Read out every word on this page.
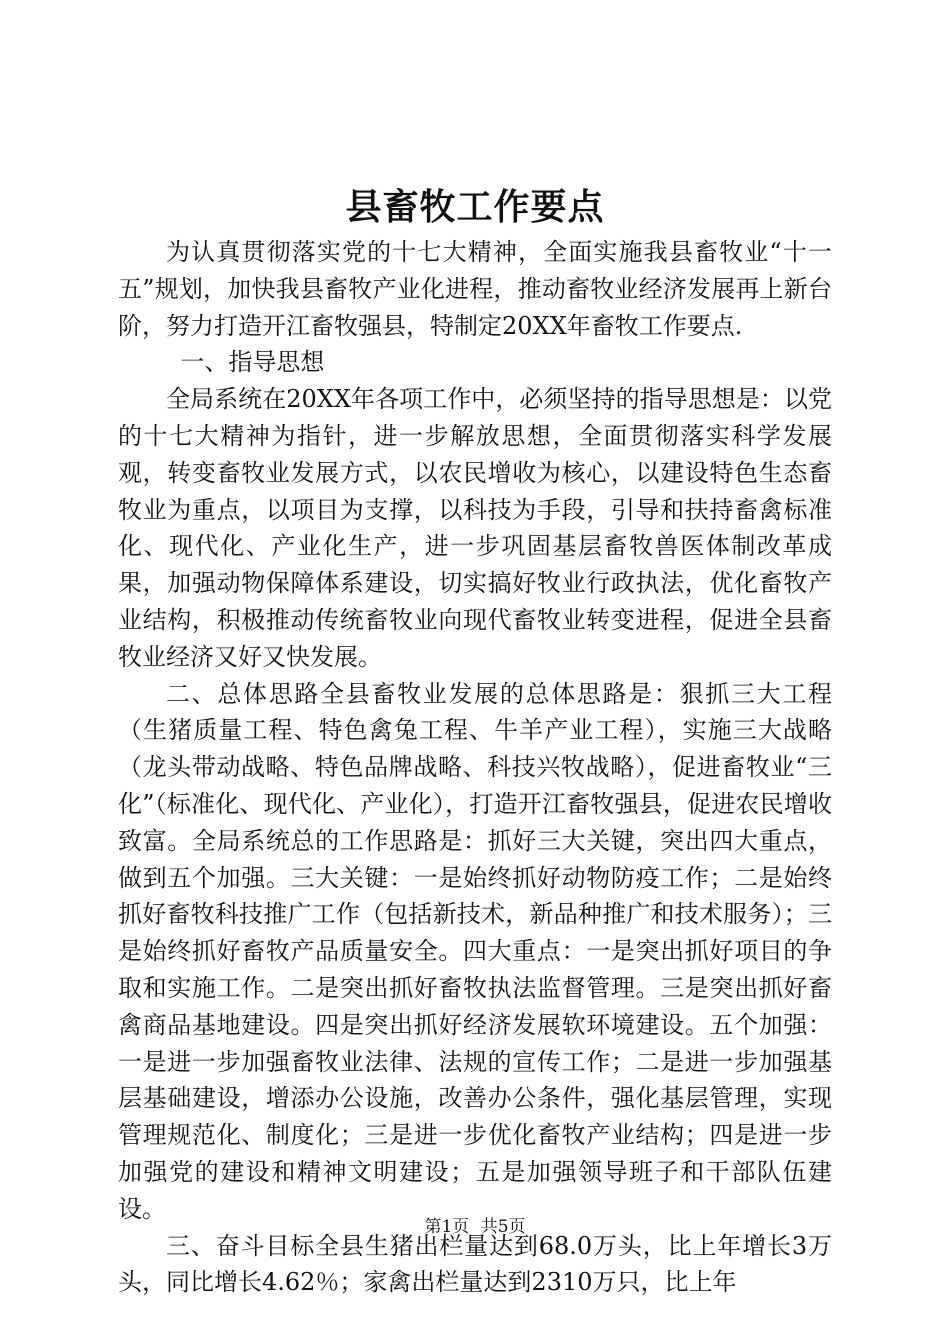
县畜牧工作要点

为认真贯彻落实党的十七大精神，全面实施我县畜牧业“十一五”规划，加快我县畜牧产业化进程，推动畜牧业经济发展再上新台阶，努力打造开江畜牧强县，特制定20XX年畜牧工作要点.

一、指导思想

全局系统在20XX年各项工作中，必须坚持的指导思想是：以党的十七大精神为指针，进一步解放思想，全面贯彻落实科学发展观，转变畜牧业发展方式，以农民增收为核心，以建设特色生态畜牧业为重点，以项目为支撑，以科技为手段，引导和扶持畜禽标准化、现代化、产业化生产，进一步巩固基层畜牧兽医体制改革成果，加强动物保障体系建设，切实搞好牧业行政执法，优化畜牧产业结构，积极推动传统畜牧业向现代畜牧业转变进程，促进全县畜牧业经济又好又快发展。

二、总体思路全县畜牧业发展的总体思路是：狠抓三大工程（生猪质量工程、特色禽兔工程、牛羊产业工程），实施三大战略（龙头带动战略、特色品牌战略、科技兴牧战略），促进畜牧业“三化”（标准化、现代化、产业化），打造开江畜牧强县，促进农民增收致富。全局系统总的工作思路是：抓好三大关键，突出四大重点，做到五个加强。三大关键：一是始终抓好动物防疫工作；二是始终抓好畜牧科技推广工作（包括新技术，新品种推广和技术服务）；三是始终抓好畜牧产品质量安全。四大重点：一是突出抓好项目的争取和实施工作。二是突出抓好畜牧执法监督管理。三是突出抓好畜禽商品基地建设。四是突出抓好经济发展软环境建设。五个加强：一是进一步加强畜牧业法律、法规的宣传工作；二是进一步加强基层基础建设，增添办公设施，改善办公条件，强化基层管理，实现管理规范化、制度化；三是进一步优化畜牧产业结构；四是进一步加强党的建设和精神文明建设；五是加强领导班子和干部队伍建设。

三、奋斗目标全县生猪出栏量达到68.0万头，比上年增长3万头，同比增长4.62％；家禽出栏量达到2310万只，比上年

第1页 共5页
